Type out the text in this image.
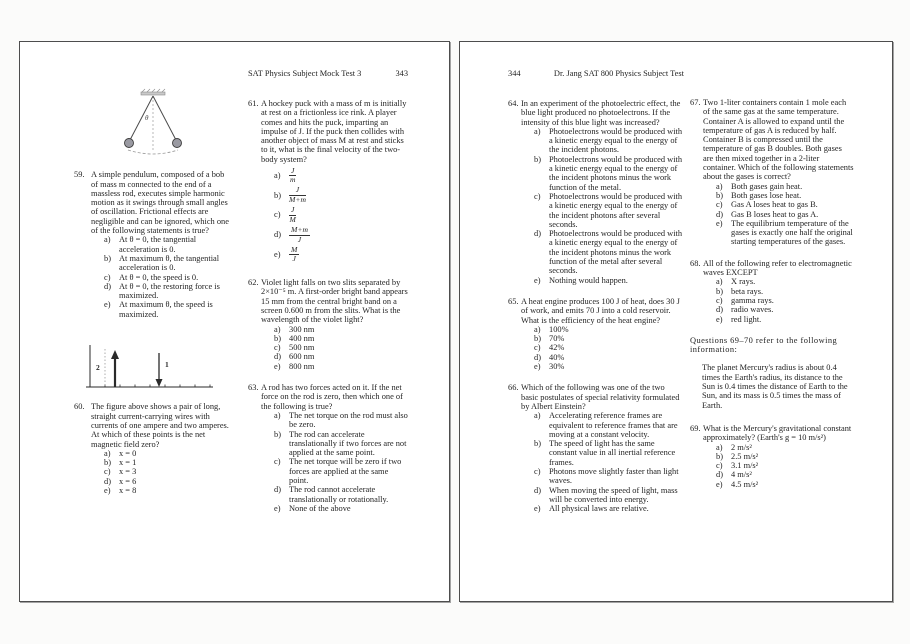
θ
59. A simple pendulum, composed of a bob of mass m connected to the end of a massless rod, executes simple harmonic motion as it swings through small angles of oscillation. Frictional effects are negligible and can be ignored, which one of the following statements is true?
a)	At θ = 0, the tangential acceleration is 0.
b) At maximum θ, the tangential acceleration is 0.
c)	At θ = 0, the speed is 0.
d) At θ = 0, the restoring force is maximized.
e)	At maximum θ, the speed is maximized.
2	1
60. The figure above shows a pair of long, straight current-carrying wires with currents of one ampere and two amperes. At which of these points is the net magnetic field zero?
a)	x = 0
b) x = 1
c)	x = 3
d) x = 6
e)	x = 8
SAT Physics Subject Mock Test 3	343
61. A hockey puck with a mass of m is initially at rest on a frictionless ice rink. A player comes and hits the puck, imparting an impulse of J. If the puck then collides with another object of mass M at rest and sticks to it, what is the final velocity of the two-body system?
a)	$\frac{J}{m}$
b)	$\frac{J}{M+m}$
c)	$\frac{J}{M}$
d)	$\frac{M+m}{J}$
e)	$\frac{M}{J}$
62. Violet light falls on two slits separated by 2×10⁻⁵ m. A first-order bright band appears 15 mm from the central bright band on a screen 0.600 m from the slits. What is the wavelength of the violet light?
a)	300 nm
b) 400 nm
c)	500 nm
d) 600 nm
e)	800 nm
63. A rod has two forces acted on it. If the net force on the rod is zero, then which one of the following is true?
a)	The net torque on the rod must also be zero.
b) The rod can accelerate translationally if two forces are not applied at the same point.
c)	The net torque will be zero if two forces are applied at the same point.
d) The rod cannot accelerate translationally or rotationally.
e)	None of the above
344	Dr. Jang SAT 800 Physics Subject Test
64. In an experiment of the photoelectric effect, the blue light produced no photoelectrons. If the intensity of this blue light was increased?
a)	Photoelectrons would be produced with a kinetic energy equal to the energy of the incident photons.
b) Photoelectrons would be produced with a kinetic energy equal to the energy of the incident photons minus the work function of the metal.
c)	Photoelectrons would be produced with a kinetic energy equal to the energy of the incident photons after several seconds.
d) Photoelectrons would be produced with a kinetic energy equal to the energy of the incident photons minus the work function of the metal after several seconds.
e)	Nothing would happen.
65. A heat engine produces 100 J of heat, does 30 J of work, and emits 70 J into a cold reservoir. What is the efficiency of the heat engine?
a)	100%
b) 70%
c)	42%
d) 40%
e)	30%
66. Which of the following was one of the two basic postulates of special relativity formulated by Albert Einstein?
a)	Accelerating reference frames are equivalent to reference frames that are moving at a constant velocity.
b) The speed of light has the same constant value in all inertial reference frames.
c)	Photons move slightly faster than light waves.
d) When moving the speed of light, mass will be converted into energy.
e)	All physical laws are relative.
67. Two 1-liter containers contain 1 mole each of the same gas at the same temperature. Container A is allowed to expand until the temperature of gas A is reduced by half. Container B is compressed until the temperature of gas B doubles. Both gases are then mixed together in a 2-liter container. Which of the following statements about the gases is correct?
a)	Both gases gain heat.
b) Both gases lose heat.
c)	Gas A loses heat to gas B.
d) Gas B loses heat to gas A.
e)	The equilibrium temperature of the gases is exactly one half the original starting temperatures of the gases.
68. All of the following refer to electromagnetic waves EXCEPT
a)	X rays.
b) beta rays.
c)	gamma rays.
d) radio waves.
e)	red light.
Questions 69–70 refer to the following information:
The planet Mercury's radius is about 0.4 times the Earth's radius, its distance to the Sun is 0.4 times the distance of Earth to the Sun, and its mass is 0.5 times the mass of Earth.
69. What is the Mercury's gravitational constant approximately? (Earth's g = 10 m/s²)
a)	2 m/s²
b) 2.5 m/s²
c)	3.1 m/s²
d) 4 m/s²
e)	4.5 m/s²
